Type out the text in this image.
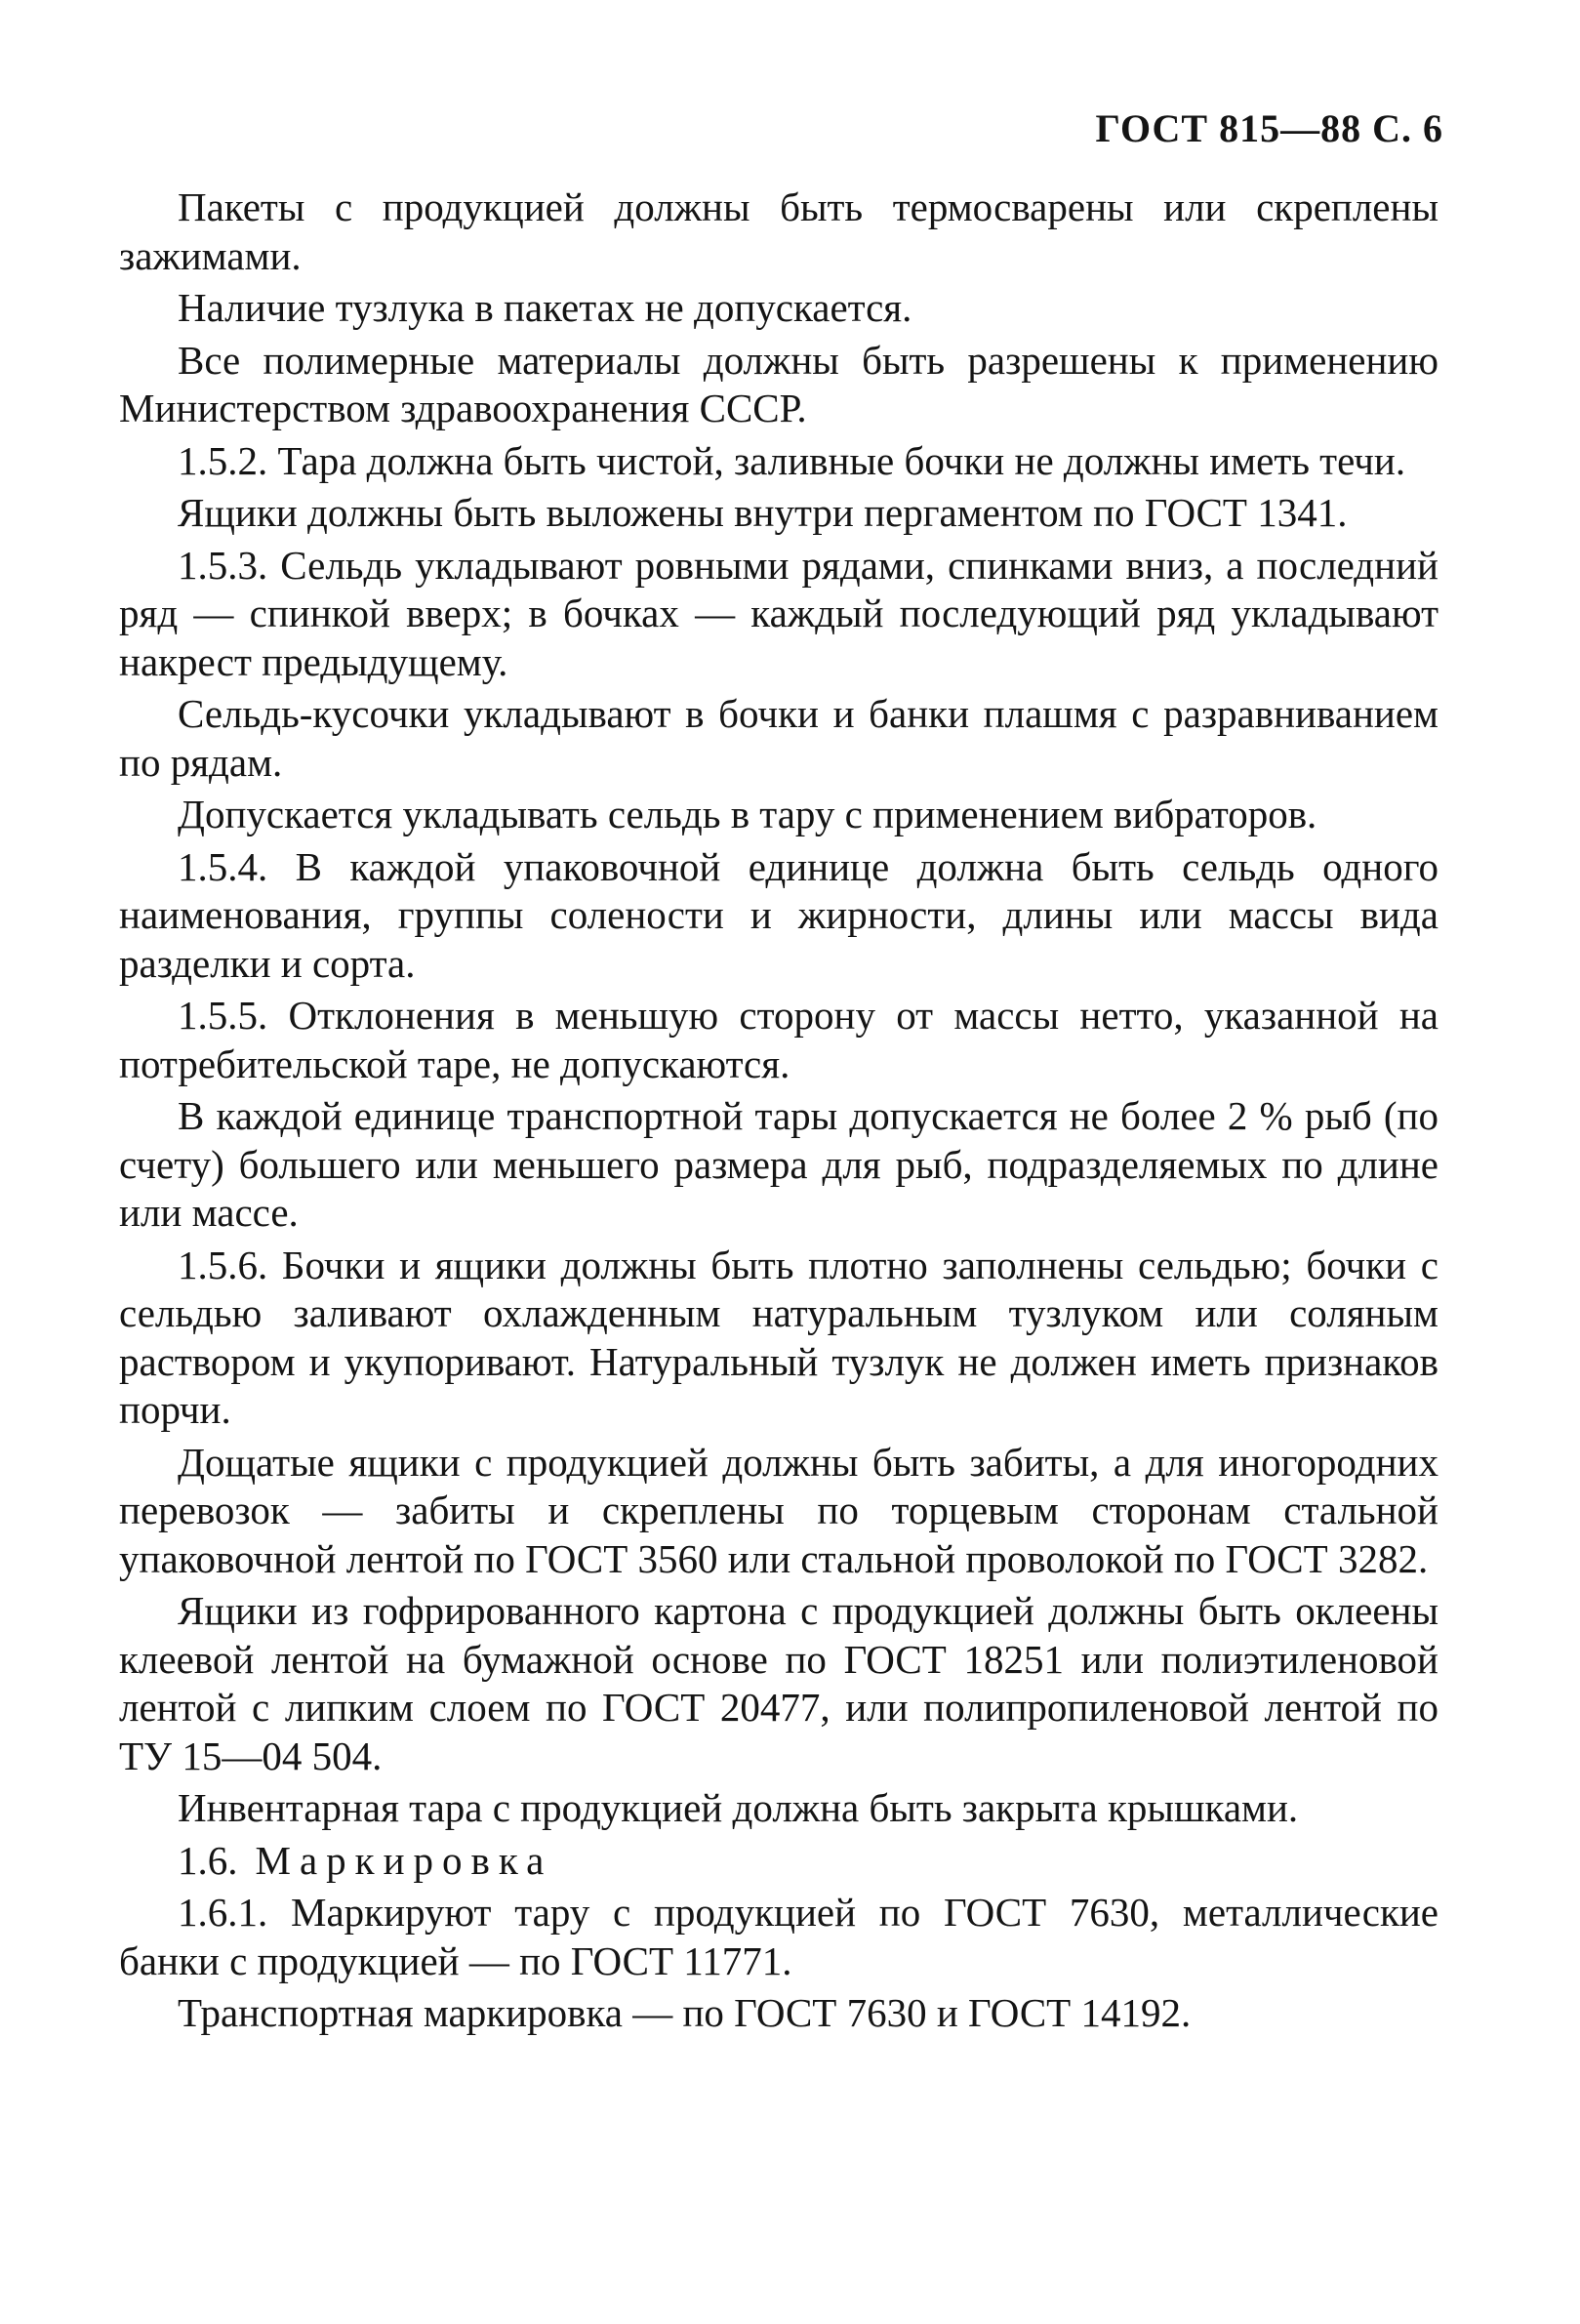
ГОСТ 815—88 С. 6

Пакеты с продукцией должны быть термосварены или скреплены зажимами.

Наличие тузлука в пакетах не допускается.

Все полимерные материалы должны быть разрешены к применению Министерством здравоохранения СССР.

1.5.2. Тара должна быть чистой, заливные бочки не должны иметь течи.

Ящики должны быть выложены внутри пергаментом по ГОСТ 1341.

1.5.3. Сельдь укладывают ровными рядами, спинками вниз, а последний ряд — спинкой вверх; в бочках — каждый последующий ряд укладывают накрест предыдущему.

Сельдь-кусочки укладывают в бочки и банки плашмя с разравниванием по рядам.

Допускается укладывать сельдь в тару с применением вибраторов.

1.5.4. В каждой упаковочной единице должна быть сельдь одного наименования, группы солености и жирности, длины или массы вида разделки и сорта.

1.5.5. Отклонения в меньшую сторону от массы нетто, указанной на потребительской таре, не допускаются.

В каждой единице транспортной тары допускается не более 2 % рыб (по счету) большего или меньшего размера для рыб, подразделяемых по длине или массе.

1.5.6. Бочки и ящики должны быть плотно заполнены сельдью; бочки с сельдью заливают охлажденным натуральным тузлуком или соляным раствором и укупоривают. Натуральный тузлук не должен иметь признаков порчи.

Дощатые ящики с продукцией должны быть забиты, а для иногородних перевозок — забиты и скреплены по торцевым сторонам стальной упаковочной лентой по ГОСТ 3560 или стальной проволокой по ГОСТ 3282.

Ящики из гофрированного картона с продукцией должны быть оклеены клеевой лентой на бумажной основе по ГОСТ 18251 или полиэтиленовой лентой с липким слоем по ГОСТ 20477, или полипропиленовой лентой по ТУ 15—04 504.

Инвентарная тара с продукцией должна быть закрыта крышками.

1.6. Маркировка

1.6.1. Маркируют тару с продукцией по ГОСТ 7630, металлические банки с продукцией — по ГОСТ 11771.

Транспортная маркировка — по ГОСТ 7630 и ГОСТ 14192.
